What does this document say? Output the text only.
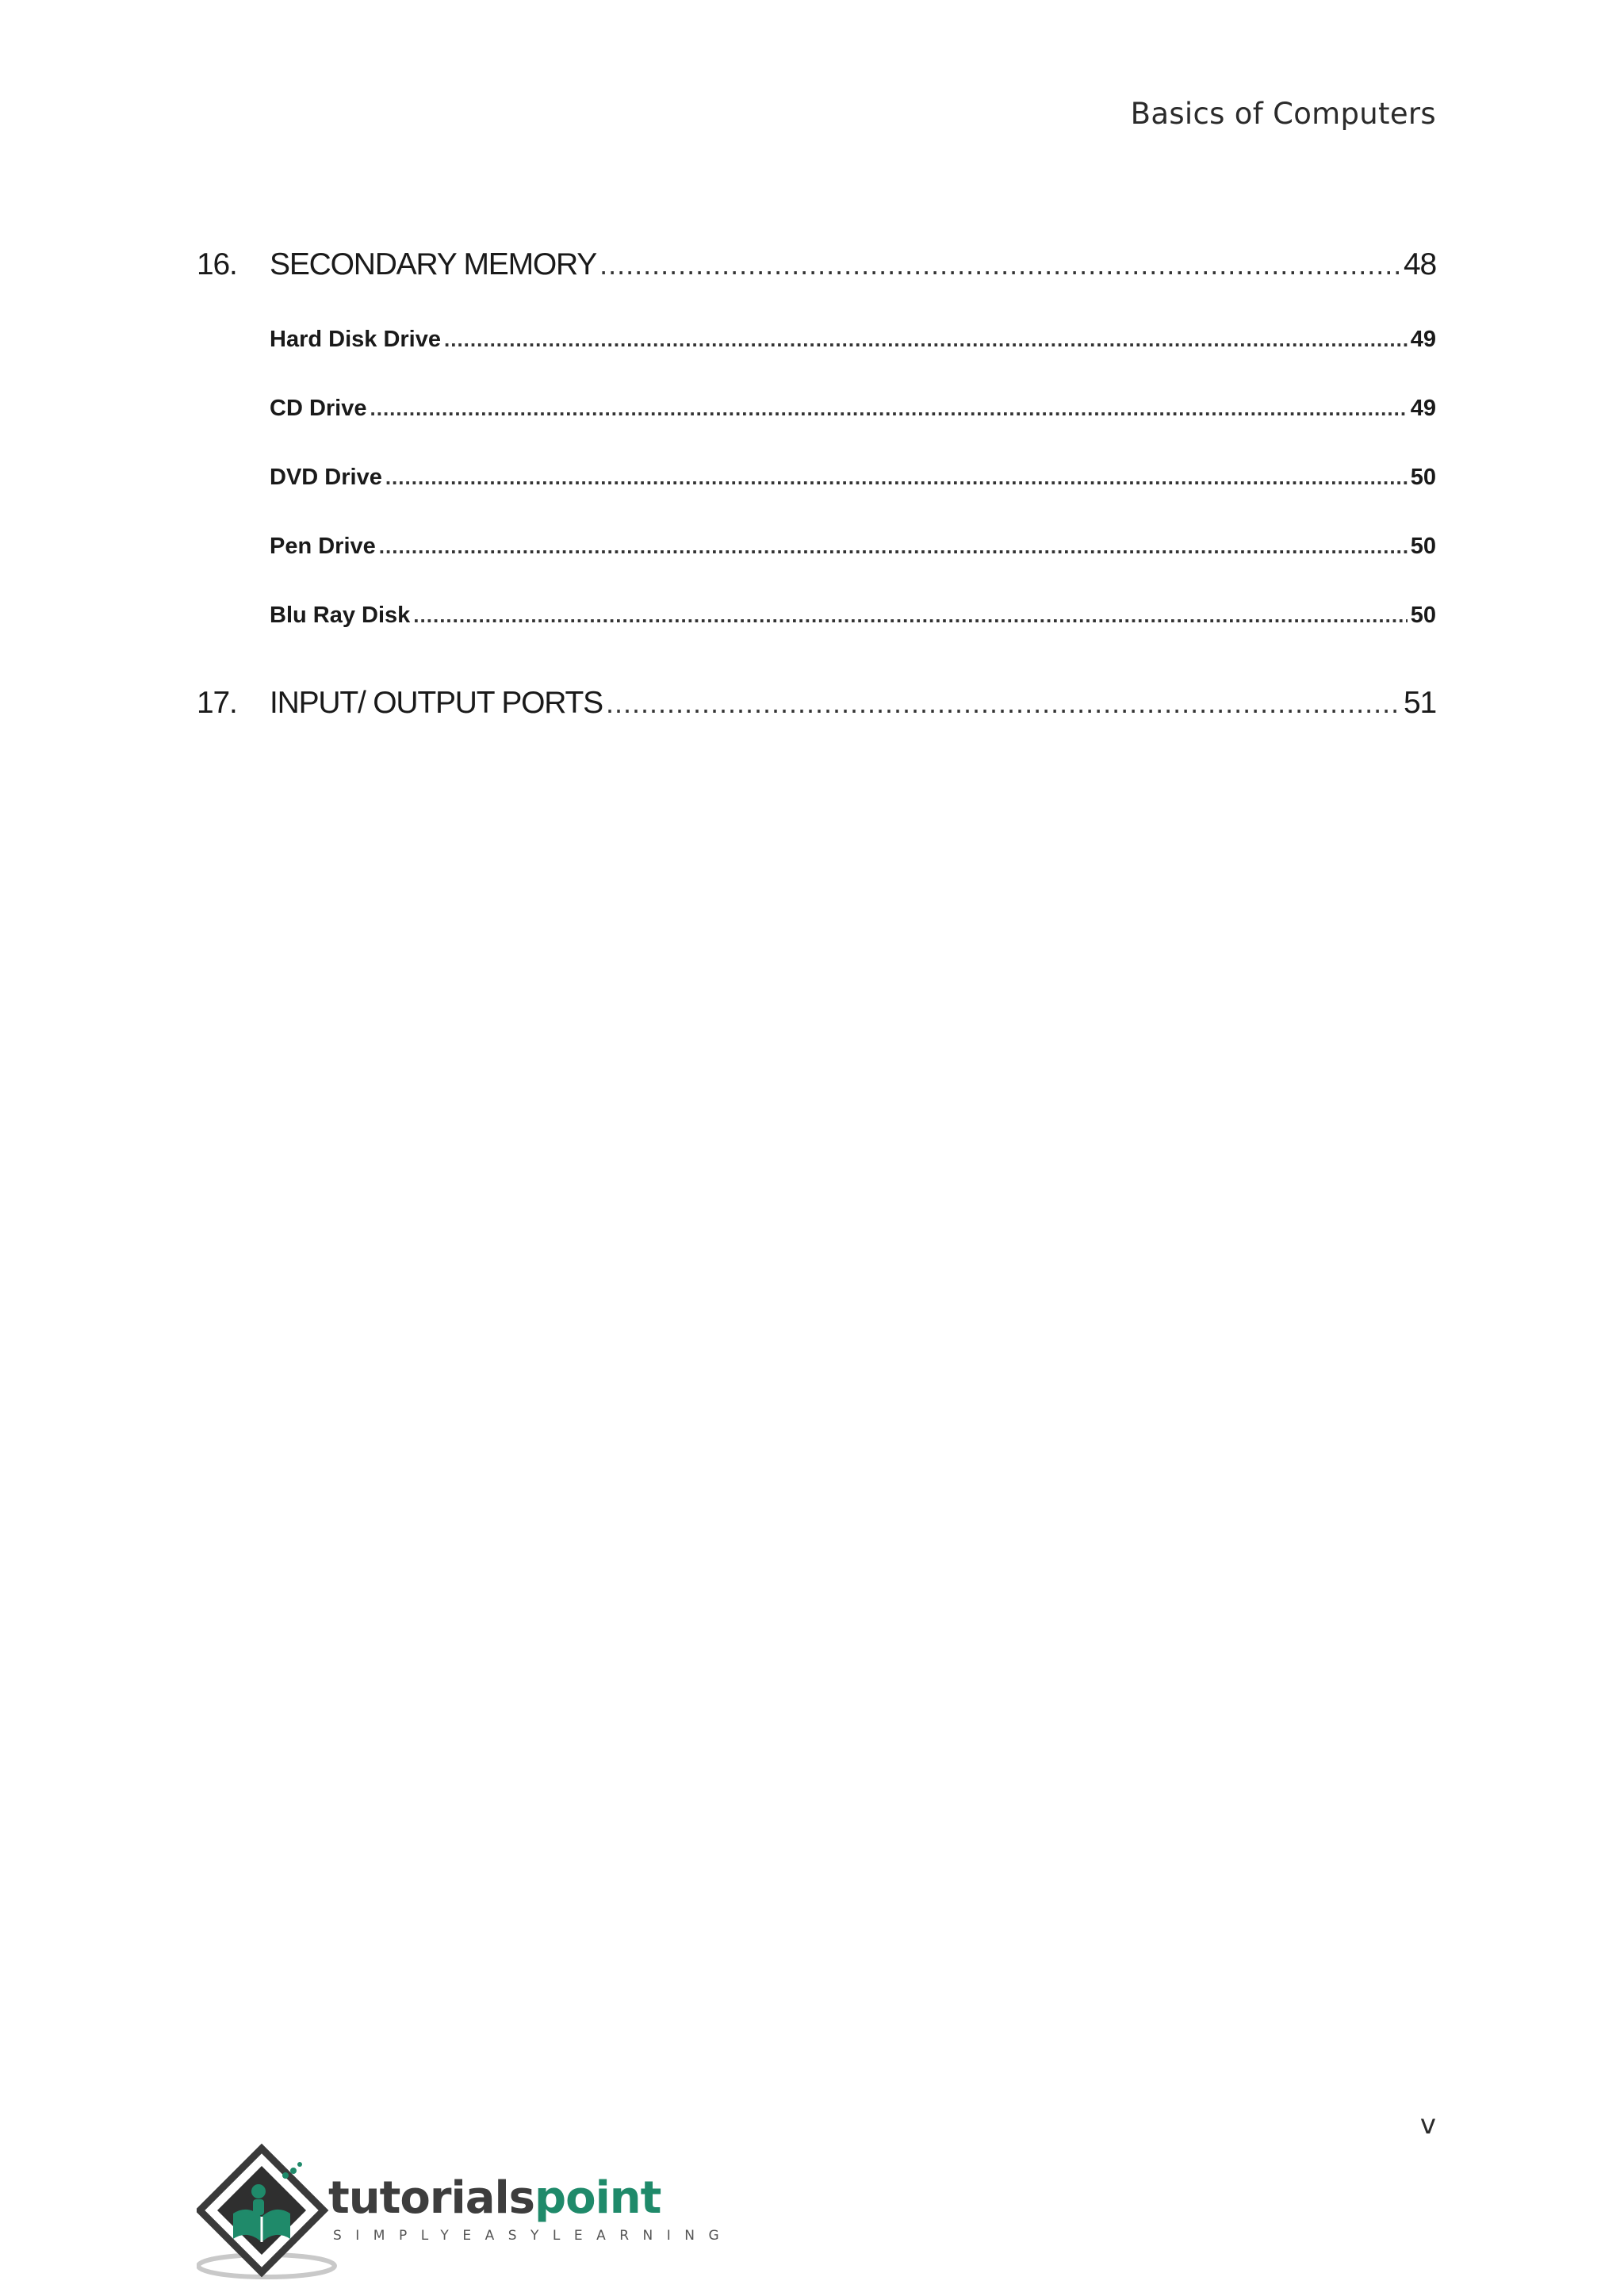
Basics of Computers
16.	SECONDARY MEMORY .....	48
Hard Disk Drive .....	49
CD Drive .....	49
DVD Drive .....	50
Pen Drive .....	50
Blu Ray Disk .....	50
17.	INPUT/ OUTPUT PORTS .....	51
v
tutorialspoint
SIMPLYEASYLEARNING
